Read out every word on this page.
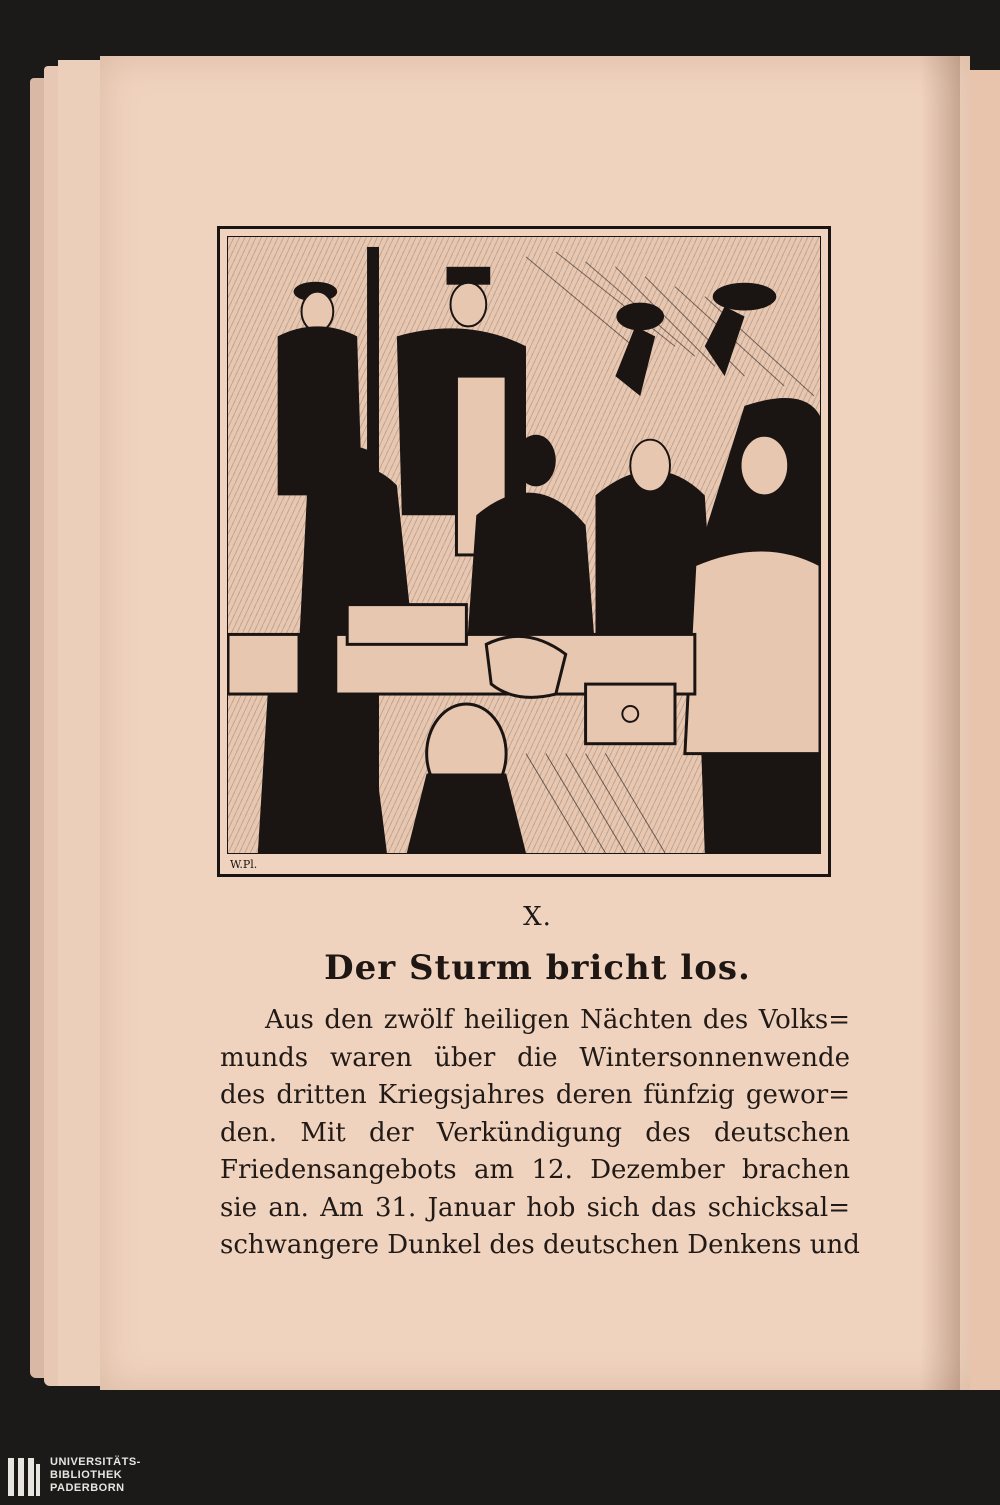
W.Pl.
X.
Der Sturm bricht los.
Aus den zwölf heiligen Nächten des Volks=
munds waren über die Wintersonnenwende
des dritten Kriegsjahres deren fünfzig gewor=
den. Mit der Verkündigung des deutschen
Friedensangebots am 12. Dezember brachen
sie an. Am 31. Januar hob sich das schicksal=
schwangere Dunkel des deutschen Denkens und
UNIVERSITÄTS-
BIBLIOTHEK
PADERBORN
